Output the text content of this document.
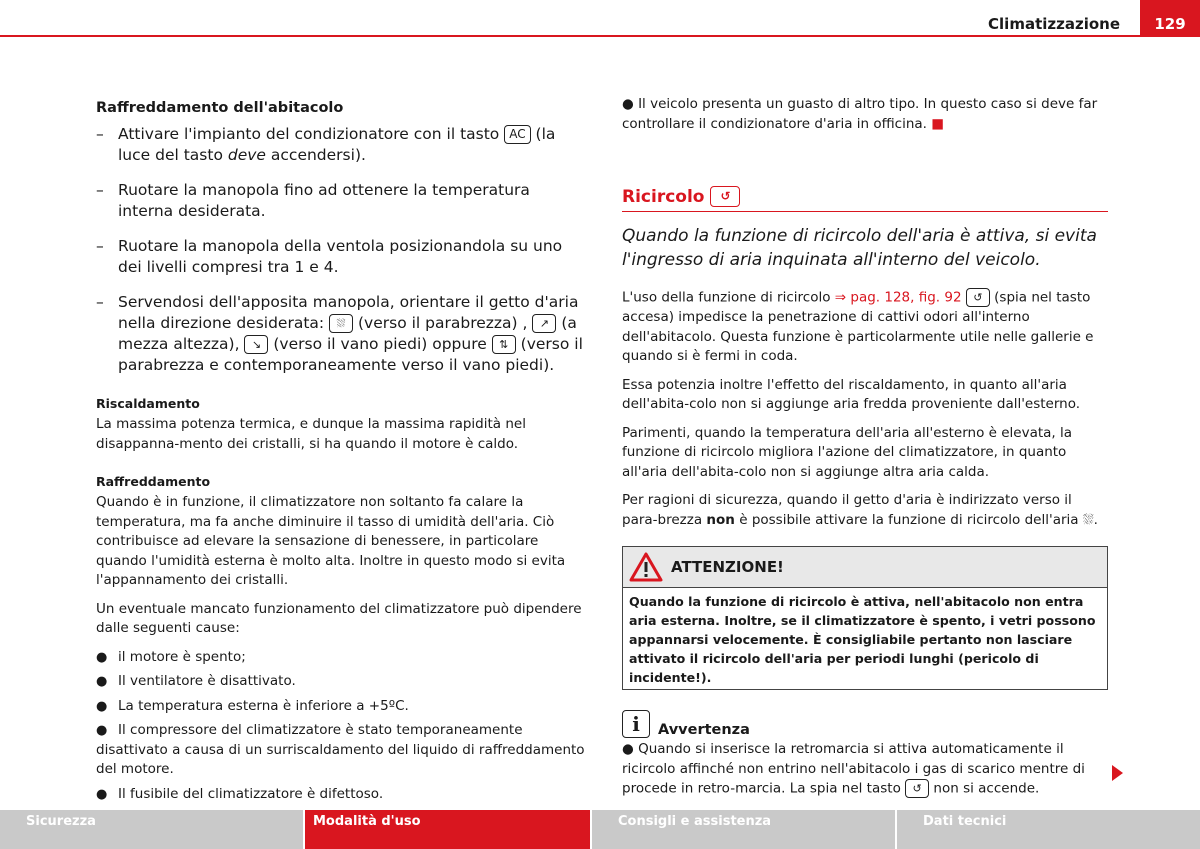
Climatizzazione	129
Raffreddamento dell'abitacolo
– Attivare l'impianto del condizionatore con il tasto AC (la luce del tasto deve accendersi).
– Ruotare la manopola fino ad ottenere la temperatura interna desiderata.
– Ruotare la manopola della ventola posizionandola su uno dei livelli compresi tra 1 e 4.
– Servendosi dell'apposita manopola, orientare il getto d'aria nella direzione desiderata: ⛆ (verso il parabrezza) , ↗ (a mezza altezza), ↘ (verso il vano piedi) oppure ⇅ (verso il parabrezza e contemporaneamente verso il vano piedi).
Riscaldamento

La massima potenza termica, e dunque la massima rapidità nel disappanna-mento dei cristalli, si ha quando il motore è caldo.

Raffreddamento

Quando è in funzione, il climatizzatore non soltanto fa calare la temperatura, ma fa anche diminuire il tasso di umidità dell'aria. Ciò contribuisce ad elevare la sensazione di benessere, in particolare quando l'umidità esterna è molto alta. Inoltre in questo modo si evita l'appannamento dei cristalli.

Un eventuale mancato funzionamento del climatizzatore può dipendere dalle seguenti cause:

● il motore è spento;
● Il ventilatore è disattivato.
● La temperatura esterna è inferiore a +5ºC.
● Il compressore del climatizzatore è stato temporaneamente disattivato a causa di un surriscaldamento del liquido di raffreddamento del motore.
● Il fusibile del climatizzatore è difettoso.

● Il veicolo presenta un guasto di altro tipo. In questo caso si deve far controllare il condizionatore d'aria in officina. ■

Ricircolo	↺

Quando la funzione di ricircolo dell'aria è attiva, si evita l'ingresso di aria inquinata all'interno del veicolo.

L'uso della funzione di ricircolo ⇒ pag. 128, fig. 92 ↺ (spia nel tasto accesa) impedisce la penetrazione di cattivi odori all'interno dell'abitacolo. Questa funzione è particolarmente utile nelle gallerie e quando si è fermi in coda.

Essa potenzia inoltre l'effetto del riscaldamento, in quanto all'aria dell'abita-colo non si aggiunge aria fredda proveniente dall'esterno.

Parimenti, quando la temperatura dell'aria all'esterno è elevata, la funzione di ricircolo migliora l'azione del climatizzatore, in quanto all'aria dell'abita-colo non si aggiunge altra aria calda.

Per ragioni di sicurezza, quando il getto d'aria è indirizzato verso il para-brezza non è possibile attivare la funzione di ricircolo dell'aria ⛆.

ATTENZIONE!
Quando la funzione di ricircolo è attiva, nell'abitacolo non entra aria esterna. Inoltre, se il climatizzatore è spento, i vetri possono appannarsi velocemente. È consigliabile pertanto non lasciare attivato il ricircolo dell'aria per periodi lunghi (pericolo di incidente!).
i	Avvertenza

● Quando si inserisce la retromarcia si attiva automaticamente il ricircolo affinché non entrino nell'abitacolo i gas di scarico mentre di procede in retro-marcia. La spia nel tasto ↺ non si accende.

Sicurezza	Modalità d'uso	Consigli e assistenza	Dati tecnici
